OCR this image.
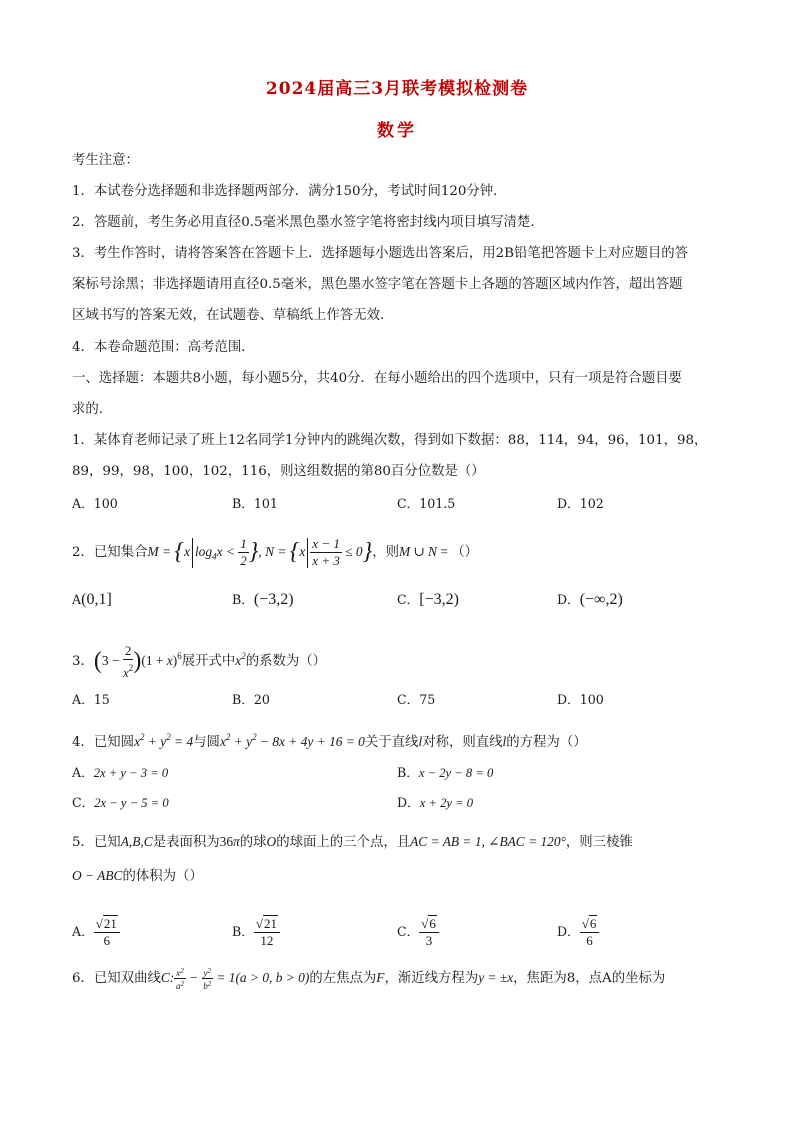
2024届高三3月联考模拟检测卷
数学
考生注意：
1．本试卷分选择题和非选择题两部分．满分150分，考试时间120分钟．
2．答题前，考生务必用直径0.5毫米黑色墨水签字笔将密封线内项目填写清楚．
3．考生作答时，请将答案答在答题卡上．选择题每小题选出答案后，用2B铅笔把答题卡上对应题目的答
案标号涂黑；非选择题请用直径0.5毫米，黑色墨水签字笔在答题卡上各题的答题区域内作答，超出答题
区域书写的答案无效，在试题卷、草稿纸上作答无效．
4．本卷命题范围：高考范围．
一、选择题：本题共8小题，每小题5分，共40分．在每小题给出的四个选项中，只有一项是符合题目要
求的．
1．某体育老师记录了班上12名同学1分钟内的跳绳次数，得到如下数据：88，114，94，96，101，98，
89，99，98，100，102，116，则这组数据的第80百分位数是（）
A．100	B．101	C．101.5	D．102
2．已知集合M = {x $\log_4x < \frac{1}{2}$ }, $N = \{x \frac{x - 1}{x + 3} \le 0\}$，则M ∪ N = （）
A(0,1]	B．(−3,2)	C．[−3,2)	D．(−∞,2)
3．$(3 - \frac{2}{x^2} )(1 + x)^6$展开式中$x^2$的系数为（）
A．15	B．20	C．75	D．100
4．已知圆$x^2 + y^2 = 4$与圆$x^2 + y^2 - 8x + 4y + 16 = 0$关于直线l对称，则直线l的方程为（）
A．2x + y − 3 = 0	B．x − 2y − 8 = 0
C．2x − y − 5 = 0	D．x + 2y = 0
5．已知A,B,C是表面积为36π的球O的球面上的三个点，且AC = AB = 1, ∠BAC = 120°，则三棱锥
O − ABC的体积为（）
A． $\frac{√21}{6}$	B． $\frac{√21}{12}$	C． $\frac{√6}{3}$	D． $\frac{√6}{6}$
6．已知双曲线C: $\frac{x^2}{a^2} - \frac{y^2}{b^2} = 1(a > 0$, b > 0)的左焦点为F，渐近线方程为y = ±x，焦距为8，点A的坐标为
